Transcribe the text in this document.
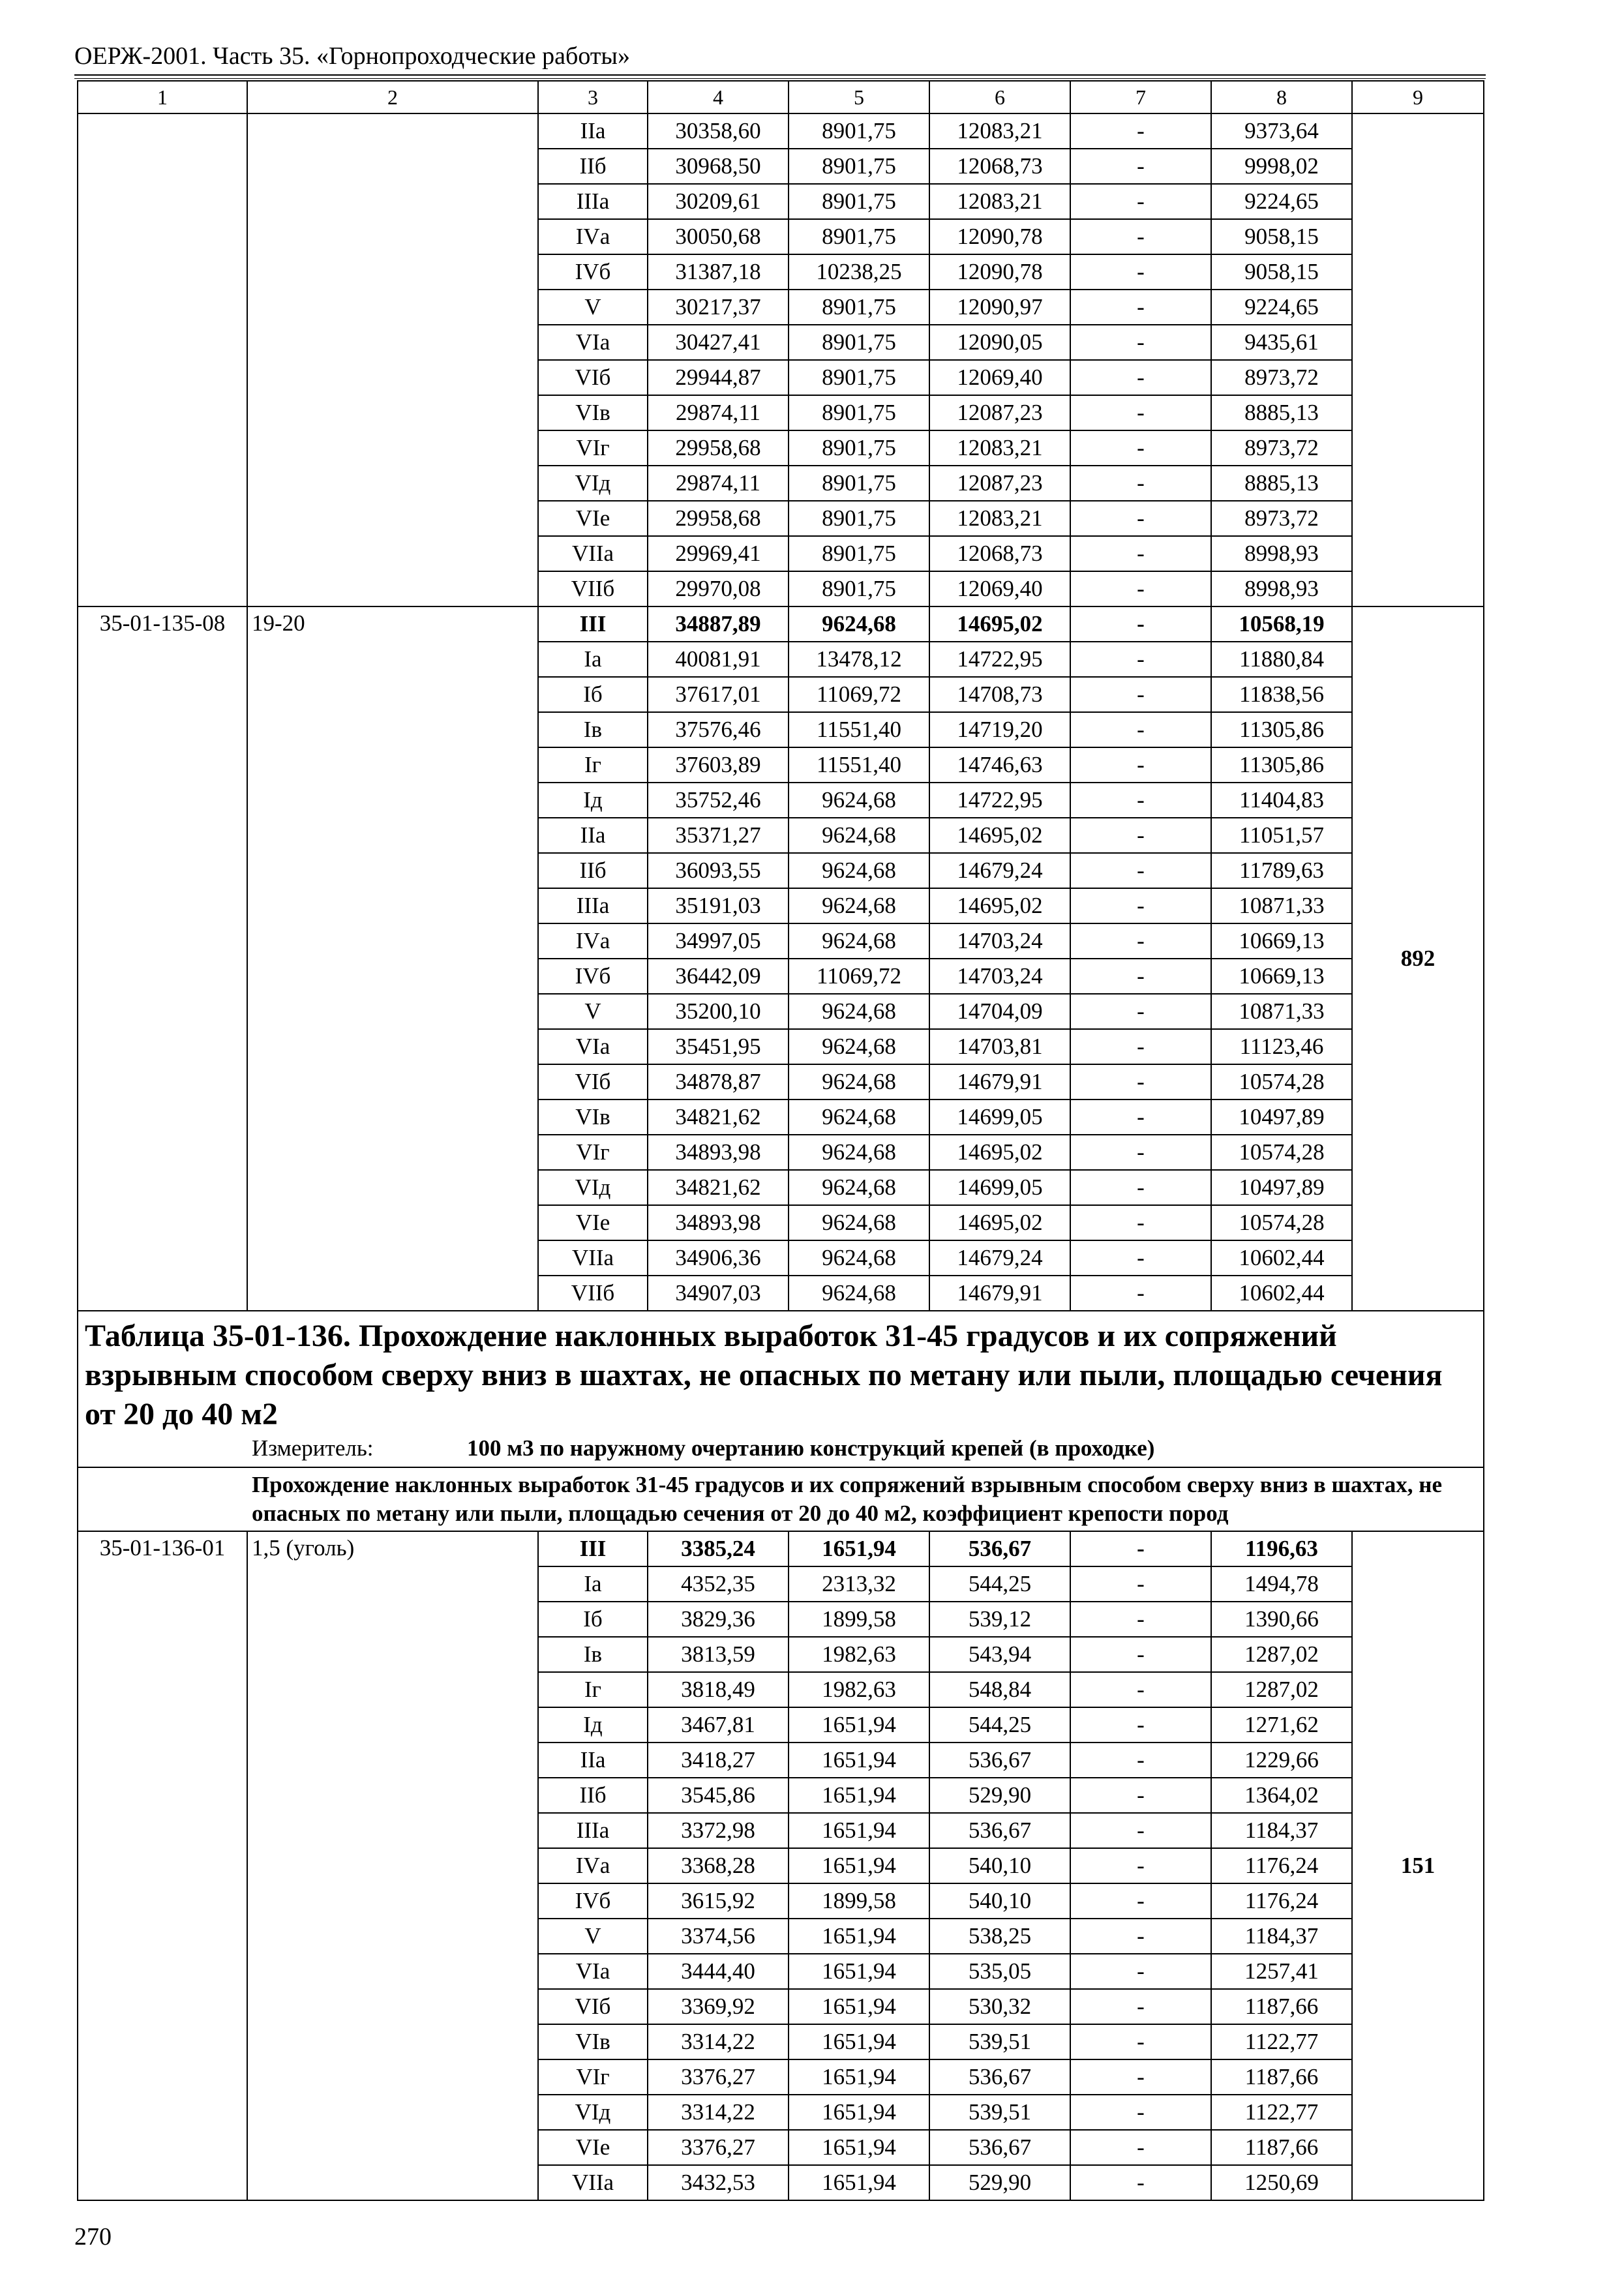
ОЕРЖ-2001. Часть 35. «Горнопроходческие работы»
1	2	3	4	5	6	7	8	9
		IIа	30358,60	8901,75	12083,21	-	9373,64	
		IIб	30968,50	8901,75	12068,73	-	9998,02	
		IIIа	30209,61	8901,75	12083,21	-	9224,65	
		IVа	30050,68	8901,75	12090,78	-	9058,15	
		IVб	31387,18	10238,25	12090,78	-	9058,15	
		V	30217,37	8901,75	12090,97	-	9224,65	
		VIа	30427,41	8901,75	12090,05	-	9435,61	
		VIб	29944,87	8901,75	12069,40	-	8973,72	
		VIв	29874,11	8901,75	12087,23	-	8885,13	
		VIг	29958,68	8901,75	12083,21	-	8973,72	
		VIд	29874,11	8901,75	12087,23	-	8885,13	
		VIе	29958,68	8901,75	12083,21	-	8973,72	
		VIIа	29969,41	8901,75	12068,73	-	8998,93	
		VIIб	29970,08	8901,75	12069,40	-	8998,93	
35-01-135-08	19-20	III	34887,89	9624,68	14695,02	-	10568,19	892
		Iа	40081,91	13478,12	14722,95	-	11880,84	
		Iб	37617,01	11069,72	14708,73	-	11838,56	
		Iв	37576,46	11551,40	14719,20	-	11305,86	
		Iг	37603,89	11551,40	14746,63	-	11305,86	
		Iд	35752,46	9624,68	14722,95	-	11404,83	
		IIа	35371,27	9624,68	14695,02	-	11051,57	
		IIб	36093,55	9624,68	14679,24	-	11789,63	
		IIIа	35191,03	9624,68	14695,02	-	10871,33	
		IVа	34997,05	9624,68	14703,24	-	10669,13	
		IVб	36442,09	11069,72	14703,24	-	10669,13	
		V	35200,10	9624,68	14704,09	-	10871,33	
		VIа	35451,95	9624,68	14703,81	-	11123,46	
		VIб	34878,87	9624,68	14679,91	-	10574,28	
		VIв	34821,62	9624,68	14699,05	-	10497,89	
		VIг	34893,98	9624,68	14695,02	-	10574,28	
		VIд	34821,62	9624,68	14699,05	-	10497,89	
		VIе	34893,98	9624,68	14695,02	-	10574,28	
		VIIа	34906,36	9624,68	14679,24	-	10602,44	
		VIIб	34907,03	9624,68	14679,91	-	10602,44	

Таблица 35-01-136. Прохождение наклонных выработок 31-45 градусов и их сопряжений взрывным способом сверху вниз в шахтах, не опасных по метану или пыли, площадью сечения от 20 до 40 м2
Измеритель: 100 м3 по наружному очертанию конструкций крепей (в проходке)								

Прохождение наклонных выработок 31-45 градусов и их сопряжений взрывным способом сверху вниз в шахтах, не опасных по метану или пыли, площадью сечения от 20 до 40 м2, коэффициент крепости пород								

35-01-136-01	1,5 (уголь)	III	3385,24	1651,94	536,67	-	1196,63	151
		Iа	4352,35	2313,32	544,25	-	1494,78	
		Iб	3829,36	1899,58	539,12	-	1390,66	
		Iв	3813,59	1982,63	543,94	-	1287,02	
		Iг	3818,49	1982,63	548,84	-	1287,02	
		Iд	3467,81	1651,94	544,25	-	1271,62	
		IIа	3418,27	1651,94	536,67	-	1229,66	
		IIб	3545,86	1651,94	529,90	-	1364,02	
		IIIа	3372,98	1651,94	536,67	-	1184,37	
		IVа	3368,28	1651,94	540,10	-	1176,24	
		IVб	3615,92	1899,58	540,10	-	1176,24	
		V	3374,56	1651,94	538,25	-	1184,37	
		VIа	3444,40	1651,94	535,05	-	1257,41	
		VIб	3369,92	1651,94	530,32	-	1187,66	
		VIв	3314,22	1651,94	539,51	-	1122,77	
		VIг	3376,27	1651,94	536,67	-	1187,66	
		VIд	3314,22	1651,94	539,51	-	1122,77	
		VIе	3376,27	1651,94	536,67	-	1187,66	
		VIIа	3432,53	1651,94	529,90	-	1250,69	
270
